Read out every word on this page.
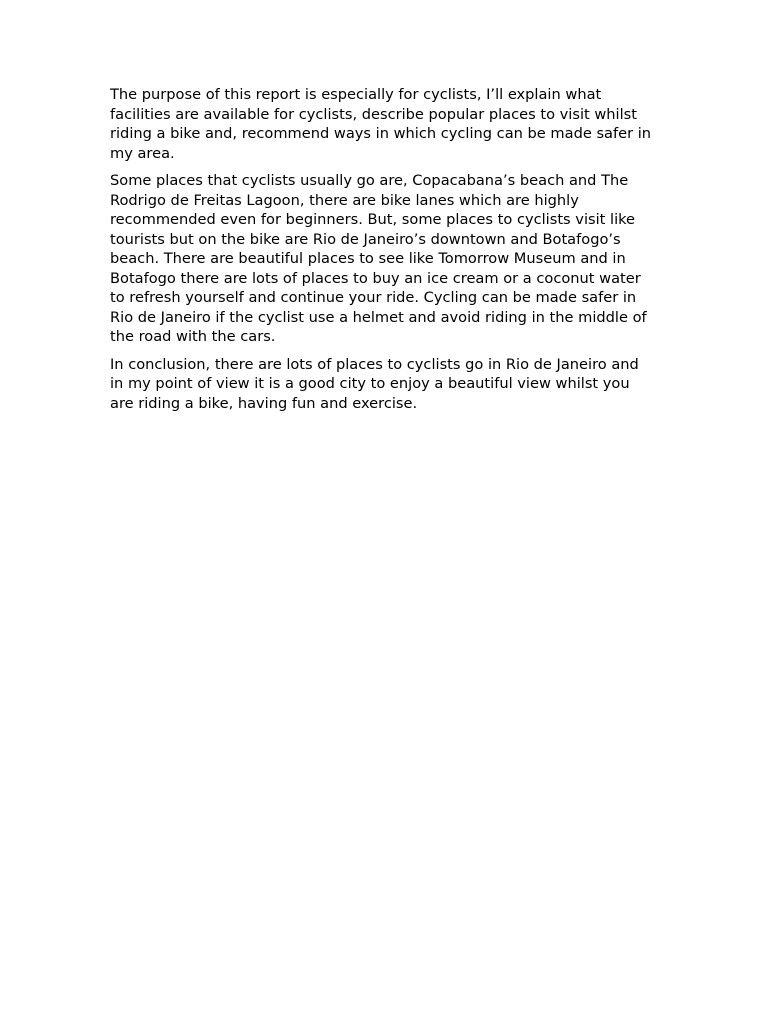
The purpose of this report is especially for cyclists, I’ll explain what facilities are available for cyclists, describe popular places to visit whilst riding a bike and, recommend ways in which cycling can be made safer in my area.

Some places that cyclists usually go are, Copacabana’s beach and The Rodrigo de Freitas Lagoon, there are bike lanes which are highly recommended even for beginners. But, some places to cyclists visit like tourists but on the bike are Rio de Janeiro’s downtown and Botafogo’s beach. There are beautiful places to see like Tomorrow Museum and in Botafogo there are lots of places to buy an ice cream or a coconut water to refresh yourself and continue your ride. Cycling can be made safer in Rio de Janeiro if the cyclist use a helmet and avoid riding in the middle of the road with the cars.

In conclusion, there are lots of places to cyclists go in Rio de Janeiro and in my point of view it is a good city to enjoy a beautiful view whilst you are riding a bike, having fun and exercise.
